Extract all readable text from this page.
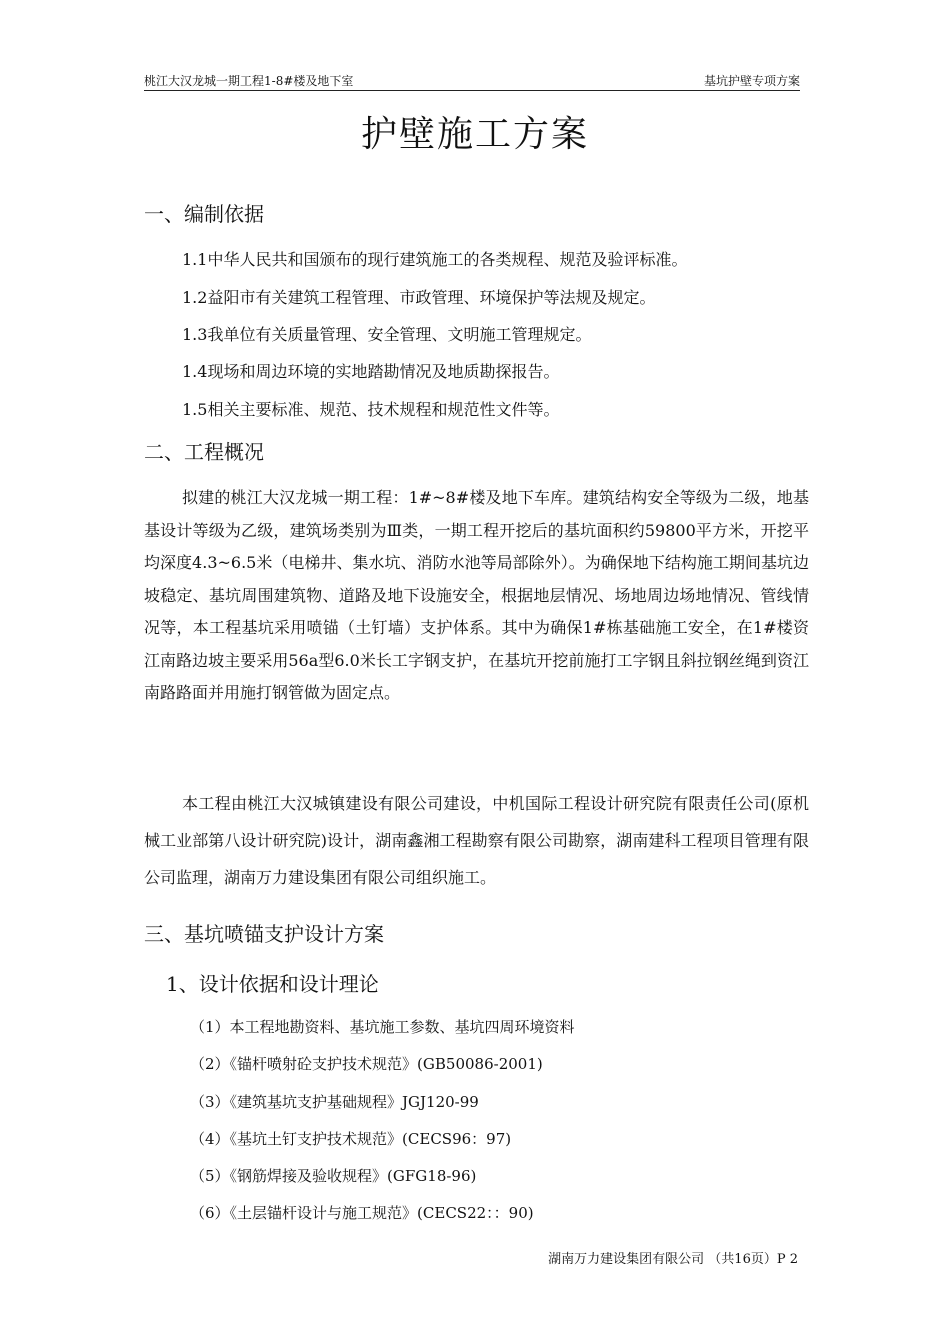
桃江大汉龙城一期工程1-8#楼及地下室	基坑护壁专项方案
护壁施工方案
一、编制依据
1.1中华人民共和国颁布的现行建筑施工的各类规程、规范及验评标准。
1.2益阳市有关建筑工程管理、市政管理、环境保护等法规及规定。
1.3我单位有关质量管理、安全管理、文明施工管理规定。
1.4现场和周边环境的实地踏勘情况及地质勘探报告。
1.5相关主要标准、规范、技术规程和规范性文件等。
二、工程概况

拟建的桃江大汉龙城一期工程：1#~8#楼及地下车库。建筑结构安全等级为二级，地基基设计等级为乙级，建筑场类别为Ⅲ类，一期工程开挖后的基坑面积约59800平方米，开挖平均深度4.3~6.5米（电梯井、集水坑、消防水池等局部除外）。为确保地下结构施工期间基坑边坡稳定、基坑周围建筑物、道路及地下设施安全，根据地层情况、场地周边场地情况、管线情况等，本工程基坑采用喷锚（土钉墙）支护体系。其中为确保1#栋基础施工安全，在1#楼资江南路边坡主要采用56a型6.0米长工字钢支护，在基坑开挖前施打工字钢且斜拉钢丝绳到资江南路路面并用施打钢管做为固定点。

本工程由桃江大汉城镇建设有限公司建设，中机国际工程设计研究院有限责任公司(原机械工业部第八设计研究院)设计，湖南鑫湘工程勘察有限公司勘察，湖南建科工程项目管理有限公司监理，湖南万力建设集团有限公司组织施工。

三、基坑喷锚支护设计方案
1、设计依据和设计理论
（1）本工程地勘资料、基坑施工参数、基坑四周环境资料
（2）《锚杆喷射砼支护技术规范》(GB50086-2001)
（3）《建筑基坑支护基础规程》JGJ120-99
（4）《基坑土钉支护技术规范》(CECS96：97)
（5）《钢筋焊接及验收规程》(GFG18-96)
（6）《土层锚杆设计与施工规范》(CECS22：：90)
湖南万力建设集团有限公司 （共16页）P 2
